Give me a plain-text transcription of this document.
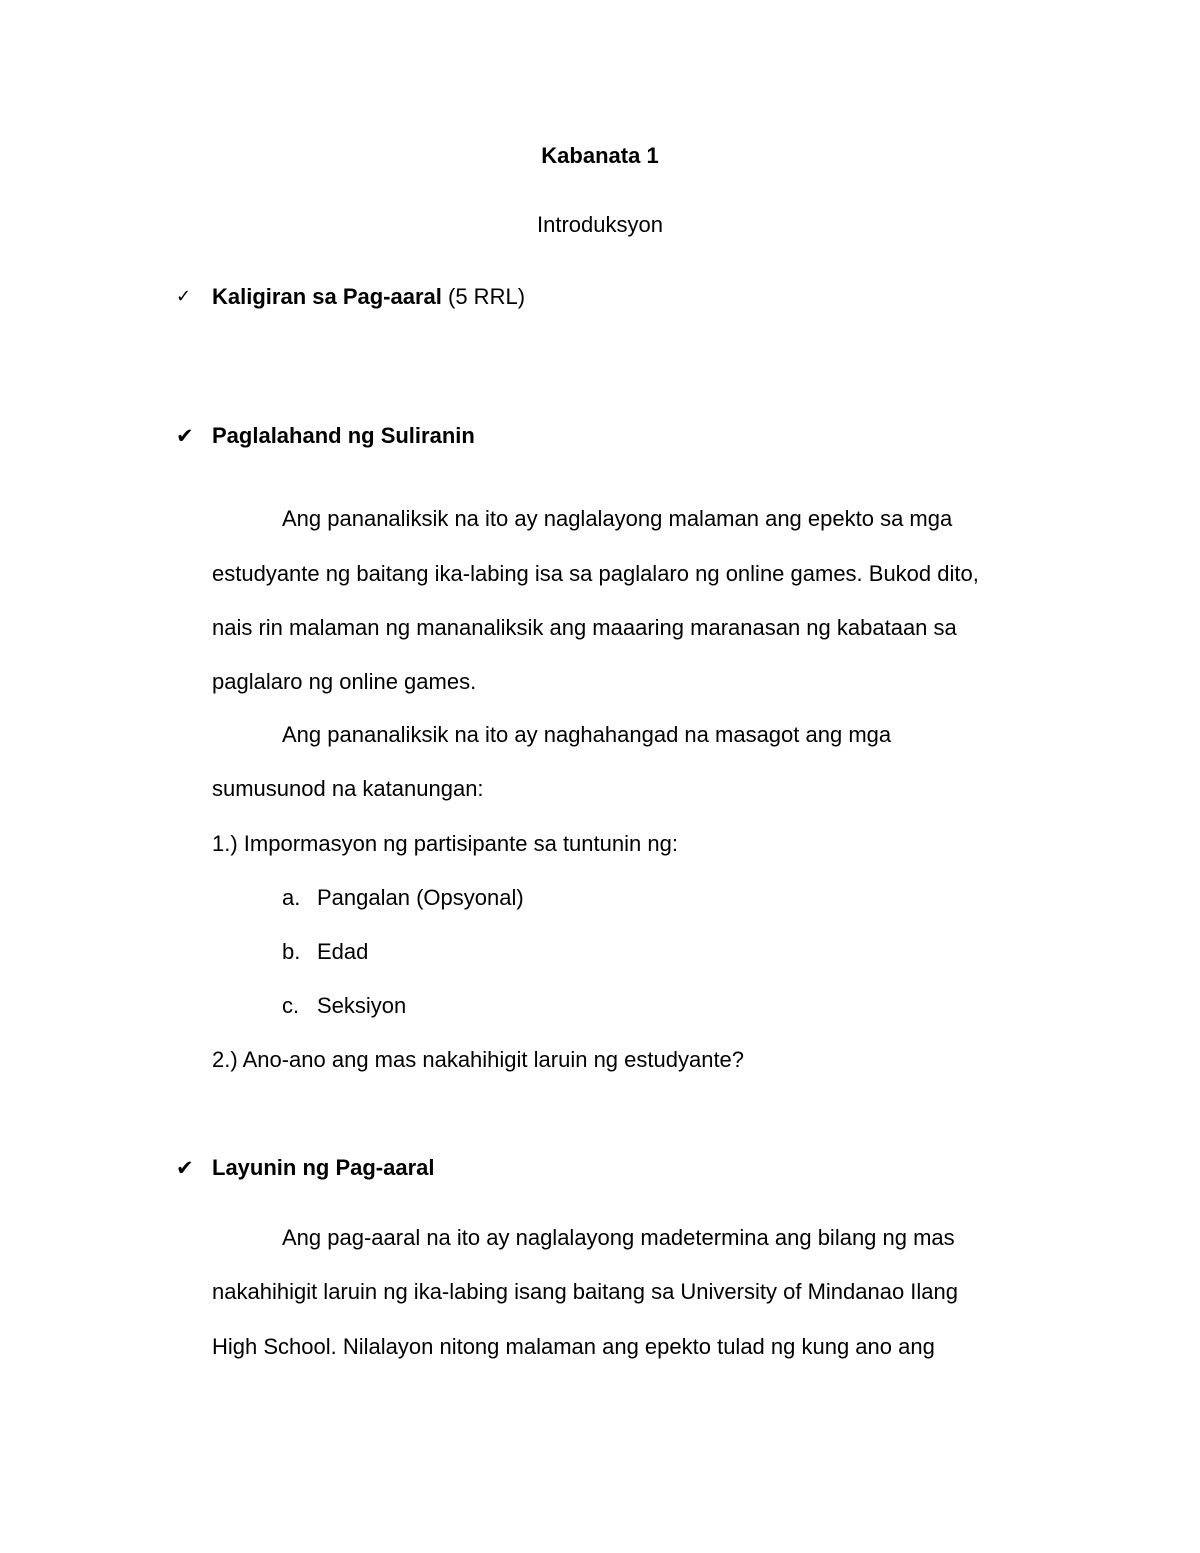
Kabanata 1
Introduksyon
✓ Kaligiran sa Pag-aaral (5 RRL)
✔ Paglalahand ng Suliranin
Ang pananaliksik na ito ay naglalayong malaman ang epekto sa mga
estudyante ng baitang ika-labing isa sa paglalaro ng online games. Bukod dito,
nais rin malaman ng mananaliksik ang maaaring maranasan ng kabataan sa
paglalaro ng online games.
Ang pananaliksik na ito ay naghahangad na masagot ang mga
sumusunod na katanungan:
1.) Impormasyon ng partisipante sa tuntunin ng:
a. Pangalan (Opsyonal)
b. Edad
c. Seksiyon
2.) Ano-ano ang mas nakahihigit laruin ng estudyante?
✔ Layunin ng Pag-aaral
Ang pag-aaral na ito ay naglalayong madetermina ang bilang ng mas
nakahihigit laruin ng ika-labing isang baitang sa University of Mindanao Ilang
High School. Nilalayon nitong malaman ang epekto tulad ng kung ano ang
